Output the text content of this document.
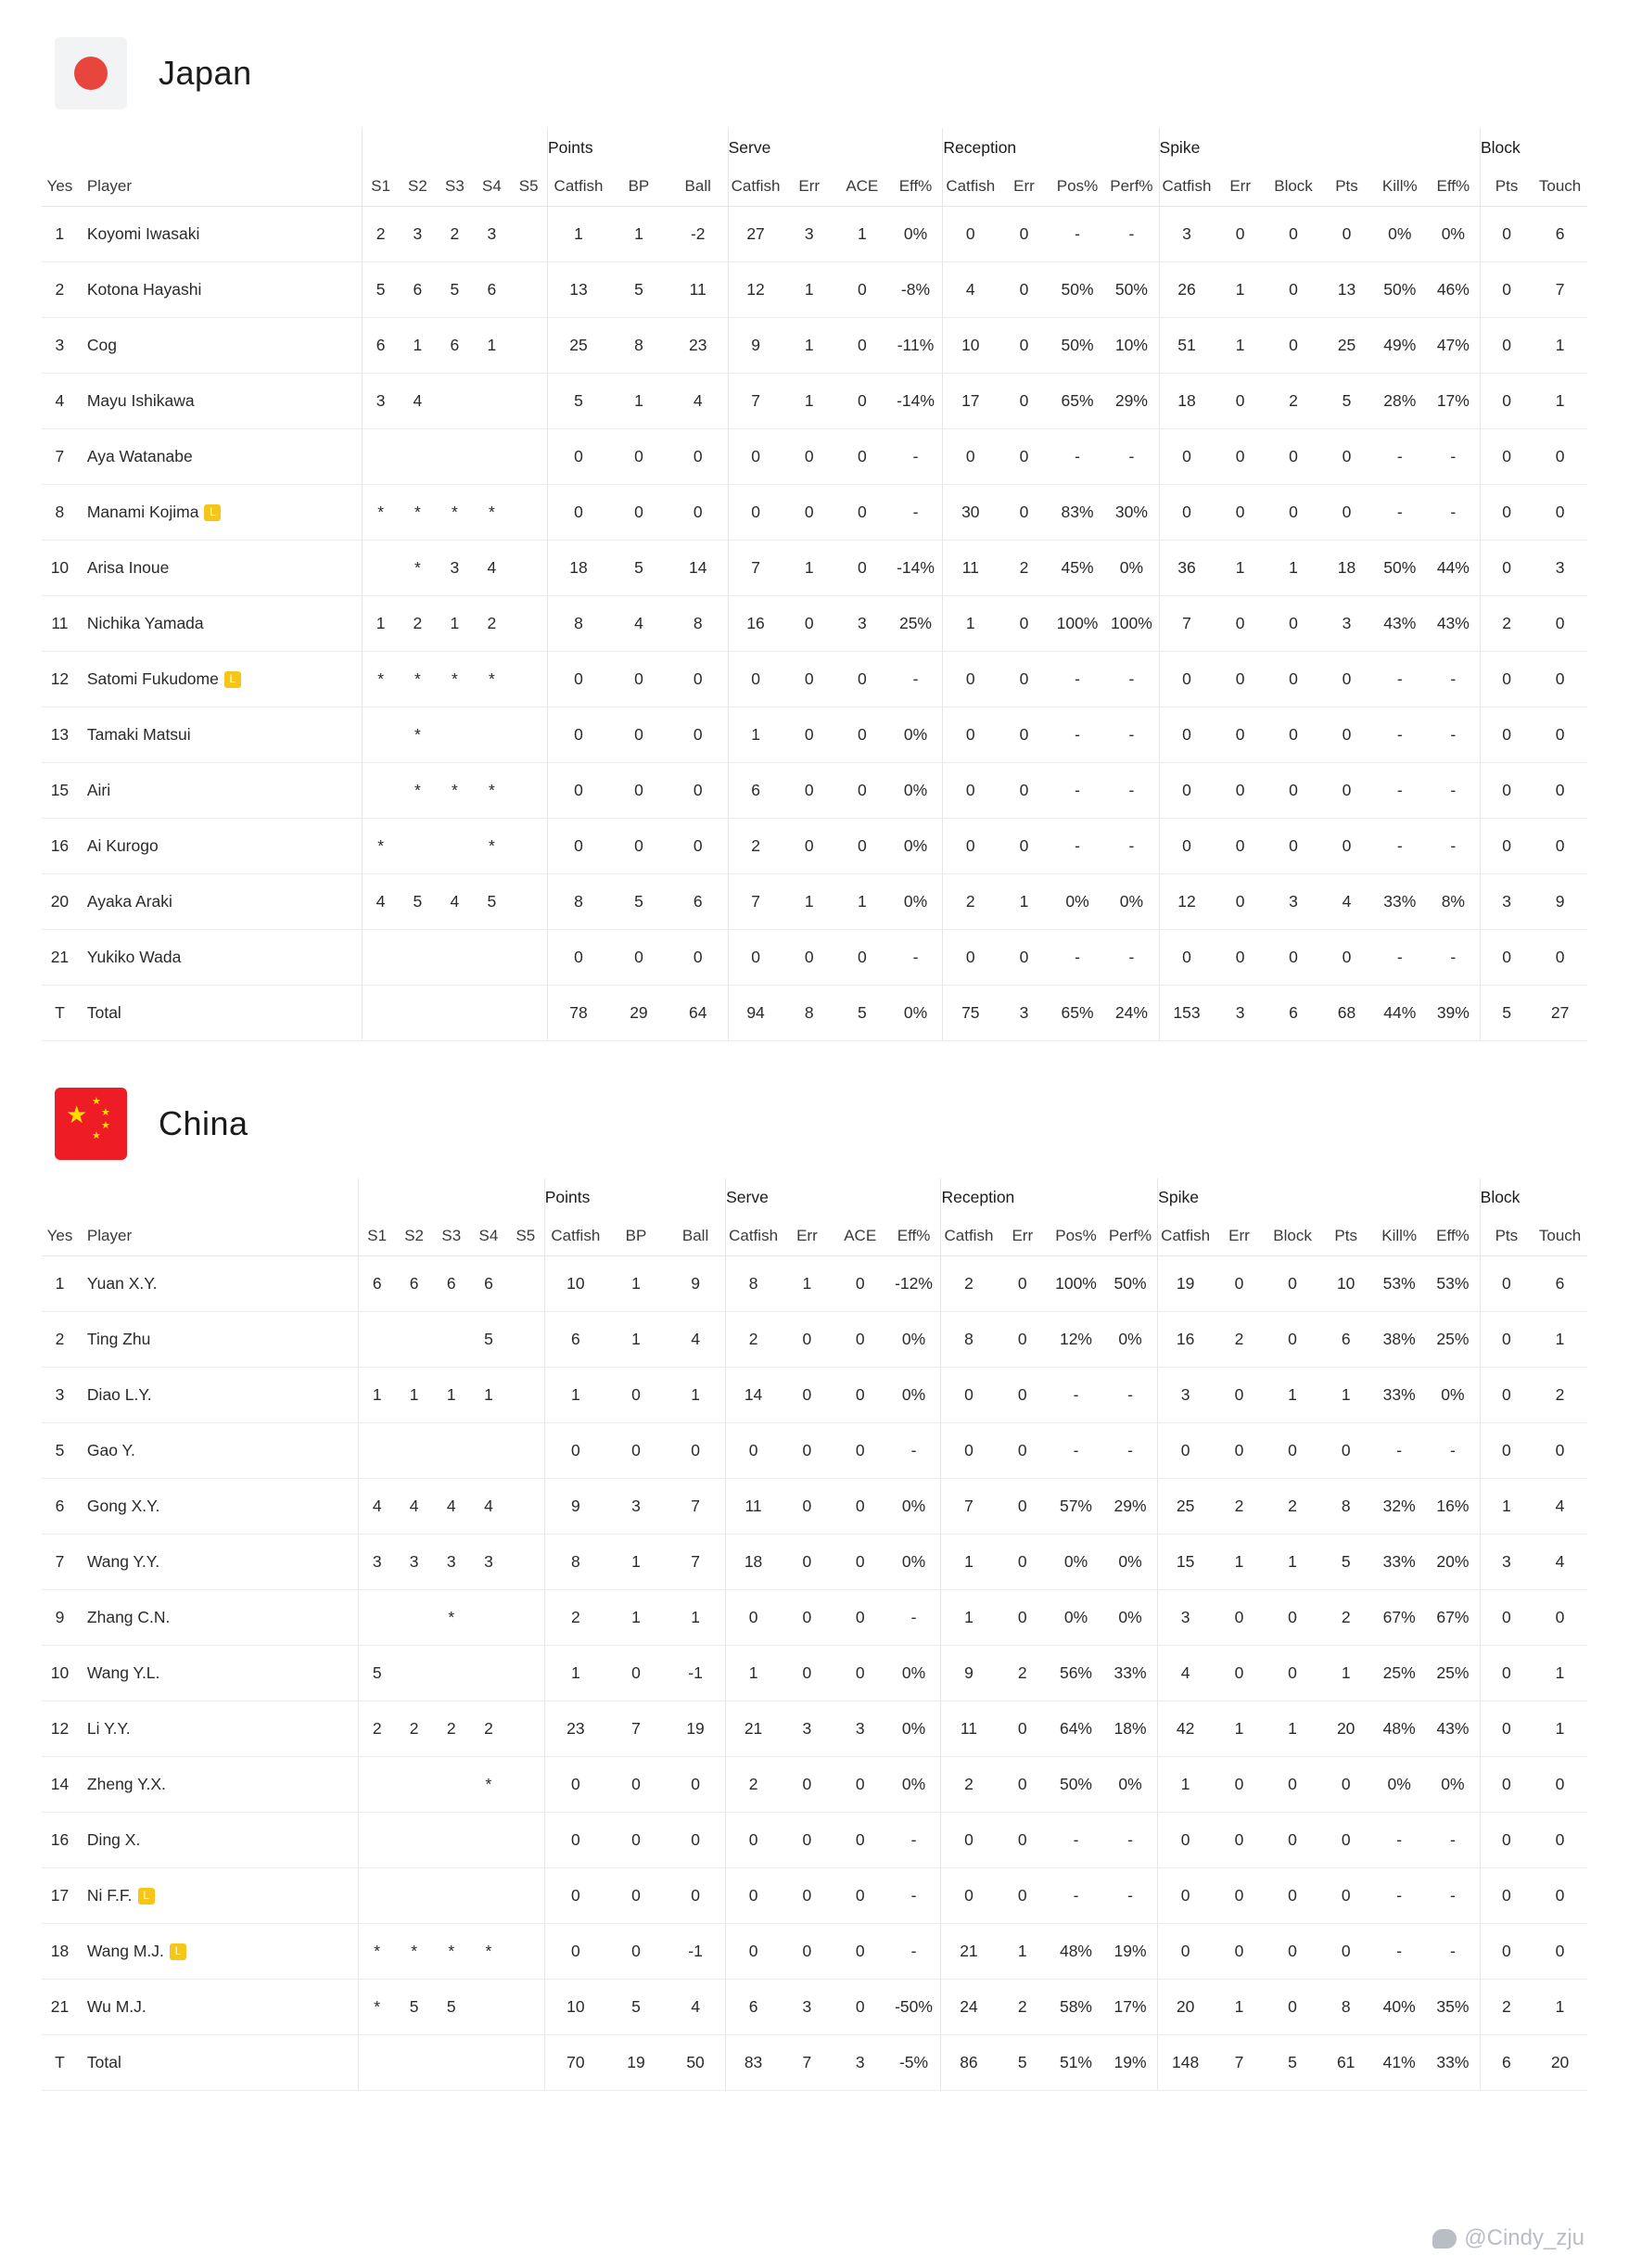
Japan
							Points			Serve				Reception				Spike						Block	
Yes	Player	S1	S2	S3	S4	S5	Catfish	BP	Ball	Catfish	Err	ACE	Eff%	Catfish	Err	Pos%	Perf%	Catfish	Err	Block	Pts	Kill%	Eff%	Pts	Touch
1	Koyomi Iwasaki	2	3	2	3		1	1	-2	27	3	1	0%	0	0	-	-	3	0	0	0	0%	0%	0	6
2	Kotona Hayashi	5	6	5	6		13	5	11	12	1	0	-8%	4	0	50%	50%	26	1	0	13	50%	46%	0	7
3	Cog	6	1	6	1		25	8	23	9	1	0	-11%	10	0	50%	10%	51	1	0	25	49%	47%	0	1
4	Mayu Ishikawa	3	4				5	1	4	7	1	0	-14%	17	0	65%	29%	18	0	2	5	28%	17%	0	1
7	Aya Watanabe						0	0	0	0	0	0	-	0	0	-	-	0	0	0	0	-	-	0	0
8	Manami Kojima L	*	*	*	*		0	0	0	0	0	0	-	30	0	83%	30%	0	0	0	0	-	-	0	0
10	Arisa Inoue		*	3	4		18	5	14	7	1	0	-14%	11	2	45%	0%	36	1	1	18	50%	44%	0	3
11	Nichika Yamada	1	2	1	2		8	4	8	16	0	3	25%	1	0	100%	100%	7	0	0	3	43%	43%	2	0
12	Satomi Fukudome L	*	*	*	*		0	0	0	0	0	0	-	0	0	-	-	0	0	0	0	-	-	0	0
13	Tamaki Matsui		*				0	0	0	1	0	0	0%	0	0	-	-	0	0	0	0	-	-	0	0
15	Airi		*	*	*		0	0	0	6	0	0	0%	0	0	-	-	0	0	0	0	-	-	0	0
16	Ai Kurogo	*			*		0	0	0	2	0	0	0%	0	0	-	-	0	0	0	0	-	-	0	0
20	Ayaka Araki	4	5	4	5		8	5	6	7	1	1	0%	2	1	0%	0%	12	0	3	4	33%	8%	3	9
21	Yukiko Wada						0	0	0	0	0	0	-	0	0	-	-	0	0	0	0	-	-	0	0
T	Total						78	29	64	94	8	5	0%	75	3	65%	24%	153	3	6	68	44%	39%	5	27
★ ★
★
★
★ China
							Points			Serve				Reception				Spike						Block	
Yes	Player	S1	S2	S3	S4	S5	Catfish	BP	Ball	Catfish	Err	ACE	Eff%	Catfish	Err	Pos%	Perf%	Catfish	Err	Block	Pts	Kill%	Eff%	Pts	Touch
1	Yuan X.Y.	6	6	6	6		10	1	9	8	1	0	-12%	2	0	100%	50%	19	0	0	10	53%	53%	0	6
2	Ting Zhu				5		6	1	4	2	0	0	0%	8	0	12%	0%	16	2	0	6	38%	25%	0	1
3	Diao L.Y.	1	1	1	1		1	0	1	14	0	0	0%	0	0	-	-	3	0	1	1	33%	0%	0	2
5	Gao Y.						0	0	0	0	0	0	-	0	0	-	-	0	0	0	0	-	-	0	0
6	Gong X.Y.	4	4	4	4		9	3	7	11	0	0	0%	7	0	57%	29%	25	2	2	8	32%	16%	1	4
7	Wang Y.Y.	3	3	3	3		8	1	7	18	0	0	0%	1	0	0%	0%	15	1	1	5	33%	20%	3	4
9	Zhang C.N.			*			2	1	1	0	0	0	-	1	0	0%	0%	3	0	0	2	67%	67%	0	0
10	Wang Y.L.	5					1	0	-1	1	0	0	0%	9	2	56%	33%	4	0	0	1	25%	25%	0	1
12	Li Y.Y.	2	2	2	2		23	7	19	21	3	3	0%	11	0	64%	18%	42	1	1	20	48%	43%	0	1
14	Zheng Y.X.				*		0	0	0	2	0	0	0%	2	0	50%	0%	1	0	0	0	0%	0%	0	0
16	Ding X.						0	0	0	0	0	0	-	0	0	-	-	0	0	0	0	-	-	0	0
17	Ni F.F. L						0	0	0	0	0	0	-	0	0	-	-	0	0	0	0	-	-	0	0
18	Wang M.J. L	*	*	*	*		0	0	-1	0	0	0	-	21	1	48%	19%	0	0	0	0	-	-	0	0
21	Wu M.J.	*	5	5			10	5	4	6	3	0	-50%	24	2	58%	17%	20	1	0	8	40%	35%	2	1
T	Total						70	19	50	83	7	3	-5%	86	5	51%	19%	148	7	5	61	41%	33%	6	20
@Cindy_zju
